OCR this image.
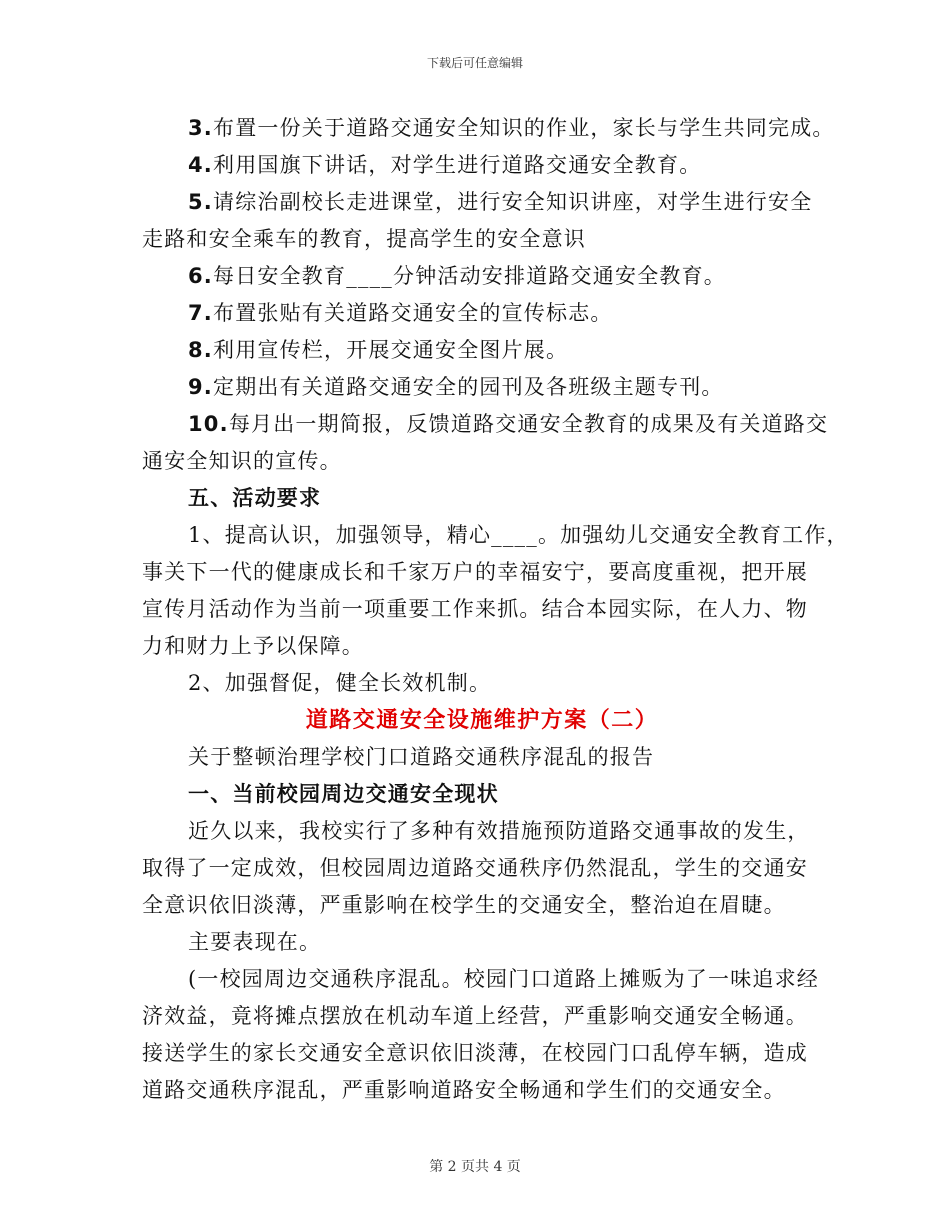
下载后可任意编辑
3.布置一份关于道路交通安全知识的作业，家长与学生共同完成。
4.利用国旗下讲话，对学生进行道路交通安全教育。
5.请综治副校长走进课堂，进行安全知识讲座，对学生进行安全
走路和安全乘车的教育，提高学生的安全意识
6.每日安全教育____分钟活动安排道路交通安全教育。
7.布置张贴有关道路交通安全的宣传标志。
8.利用宣传栏，开展交通安全图片展。
9.定期出有关道路交通安全的园刊及各班级主题专刊。
10.每月出一期简报，反馈道路交通安全教育的成果及有关道路交
通安全知识的宣传。
五、活动要求
1、提高认识，加强领导，精心____。加强幼儿交通安全教育工作，
事关下一代的健康成长和千家万户的幸福安宁，要高度重视，把开展
宣传月活动作为当前一项重要工作来抓。结合本园实际，在人力、物
力和财力上予以保障。
2、加强督促，健全长效机制。
道路交通安全设施维护方案（二）
关于整顿治理学校门口道路交通秩序混乱的报告
一、当前校园周边交通安全现状
近久以来，我校实行了多种有效措施预防道路交通事故的发生，
取得了一定成效，但校园周边道路交通秩序仍然混乱，学生的交通安
全意识依旧淡薄，严重影响在校学生的交通安全，整治迫在眉睫。
主要表现在。
(一校园周边交通秩序混乱。校园门口道路上摊贩为了一味追求经
济效益，竟将摊点摆放在机动车道上经营，严重影响交通安全畅通。
接送学生的家长交通安全意识依旧淡薄，在校园门口乱停车辆，造成
道路交通秩序混乱，严重影响道路安全畅通和学生们的交通安全。
第 2 页共 4 页
